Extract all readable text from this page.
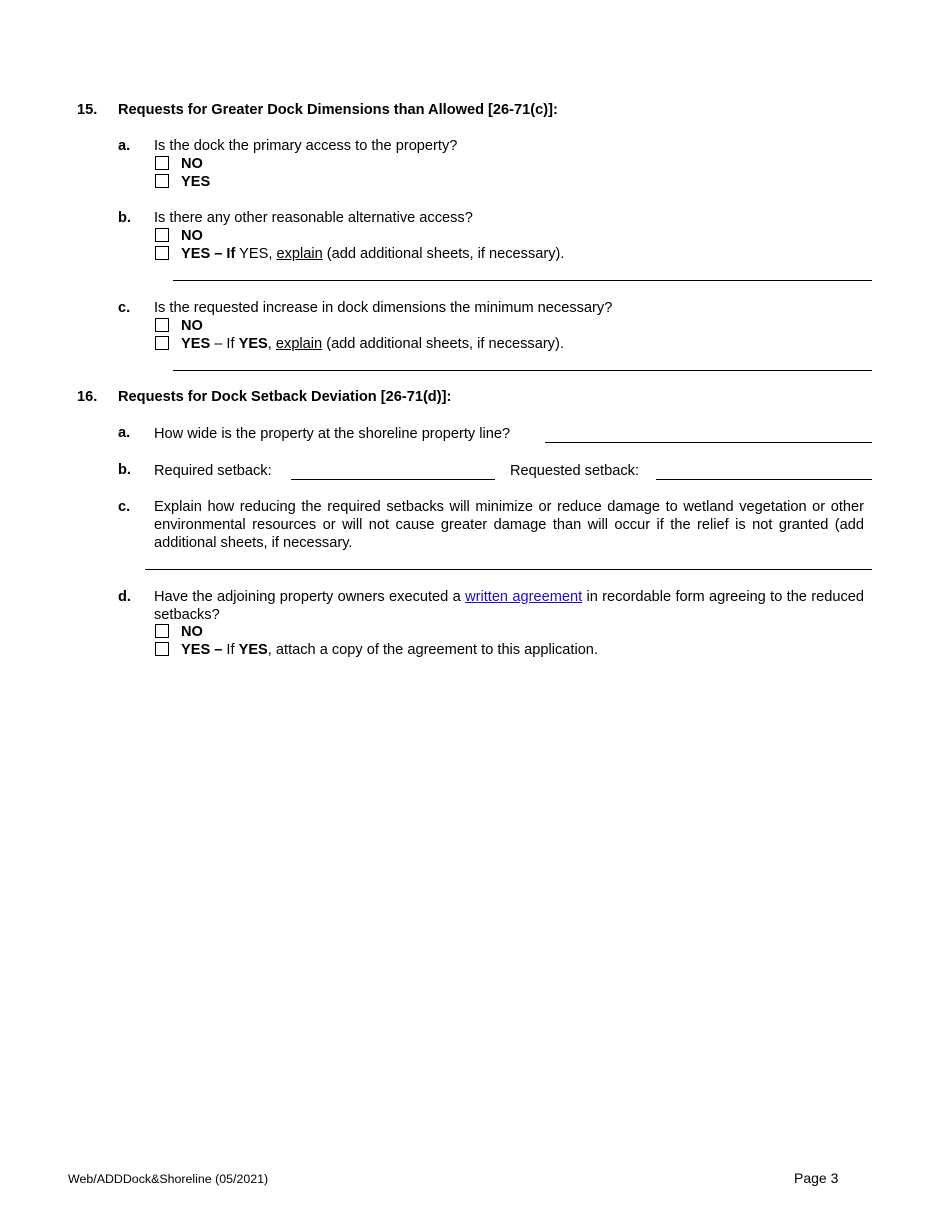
15. Requests for Greater Dock Dimensions than Allowed [26-71(c)]:
a. Is the dock the primary access to the property?
NO
YES
b. Is there any other reasonable alternative access?
NO
YES – If YES, explain (add additional sheets, if necessary).
c. Is the requested increase in dock dimensions the minimum necessary?
NO
YES – If YES, explain (add additional sheets, if necessary).
16. Requests for Dock Setback Deviation [26-71(d)]:
a. How wide is the property at the shoreline property line?
b. Required setback:	Requested setback:
c. Explain how reducing the required setbacks will minimize or reduce damage to wetland vegetation or other environmental resources or will not cause greater damage than will occur if the relief is not granted (add additional sheets, if necessary.
d. Have the adjoining property owners executed a written agreement in recordable form agreeing to the reduced setbacks?
NO
YES – If YES, attach a copy of the agreement to this application.
Web/ADDDock&Shoreline (05/2021)	Page 3
